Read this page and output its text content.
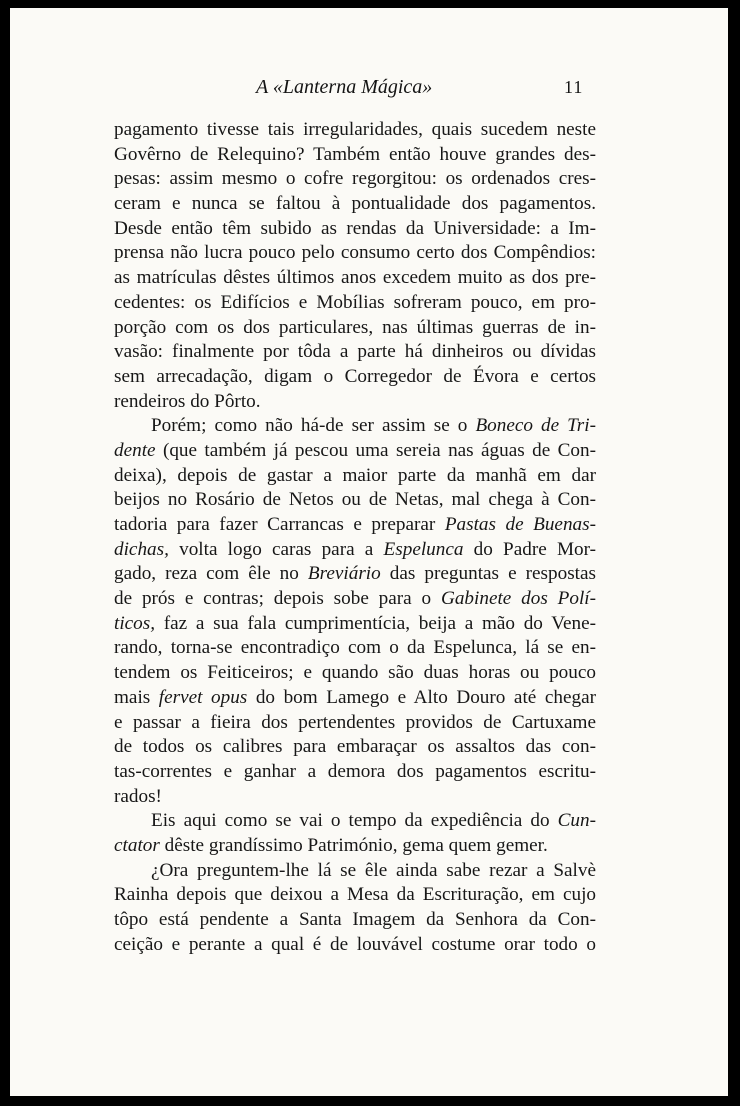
A «Lanterna Mágica»	11
pagamento tivesse tais irregularidades, quais sucedem neste
Govêrno de Relequino? Também então houve grandes des-
pesas: assim mesmo o cofre regorgitou: os ordenados cres-
ceram e nunca se faltou à pontualidade dos pagamentos.
Desde então têm subido as rendas da Universidade: a Im-
prensa não lucra pouco pelo consumo certo dos Compêndios:
as matrículas dêstes últimos anos excedem muito as dos pre-
cedentes: os Edifícios e Mobílias sofreram pouco, em pro-
porção com os dos particulares, nas últimas guerras de in-
vasão: finalmente por tôda a parte há dinheiros ou dívidas
sem arrecadação, digam o Corregedor de Évora e certos
rendeiros do Pôrto.
Porém; como não há-de ser assim se o Boneco de Tri-
dente (que também já pescou uma sereia nas águas de Con-
deixa), depois de gastar a maior parte da manhã em dar
beijos no Rosário de Netos ou de Netas, mal chega à Con-
tadoria para fazer Carrancas e preparar Pastas de Buenas-
dichas, volta logo caras para a Espelunca do Padre Mor-
gado, reza com êle no Breviário das preguntas e respostas
de prós e contras; depois sobe para o Gabinete dos Polí-
ticos, faz a sua fala cumprimentícia, beija a mão do Vene-
rando, torna-se encontradiço com o da Espelunca, lá se en-
tendem os Feiticeiros; e quando são duas horas ou pouco
mais fervet opus do bom Lamego e Alto Douro até chegar
e passar a fieira dos pertendentes providos de Cartuxame
de todos os calibres para embaraçar os assaltos das con-
tas-correntes e ganhar a demora dos pagamentos escritu-
rados!
Eis aqui como se vai o tempo da expediência do Cun-
ctator dêste grandíssimo Património, gema quem gemer.
¿Ora preguntem-lhe lá se êle ainda sabe rezar a Salvè
Rainha depois que deixou a Mesa da Escrituração, em cujo
tôpo está pendente a Santa Imagem da Senhora da Con-
ceição e perante a qual é de louvável costume orar todo o
